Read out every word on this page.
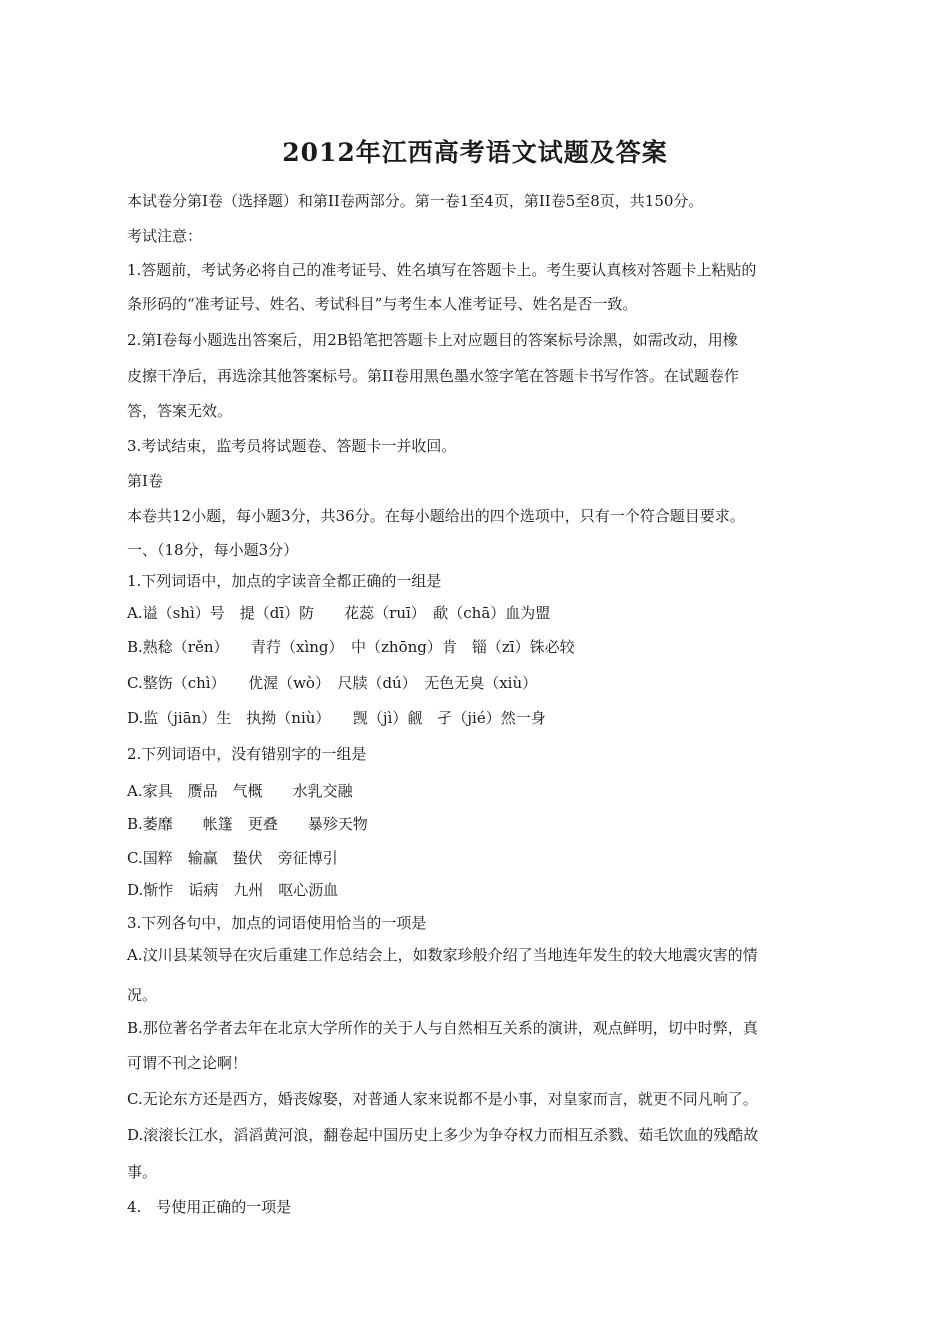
2012年江西高考语文试题及答案
本试卷分第Ⅰ卷（选择题）和第II卷两部分。第一卷1至4页，第II卷5至8页，共150分。
考试注意：
1.答题前，考试务必将自己的准考证号、姓名填写在答题卡上。考生要认真核对答题卡上粘贴的
条形码的“准考证号、姓名、考试科目”与考生本人准考证号、姓名是否一致。
2.第Ⅰ卷每小题选出答案后，用2B铅笔把答题卡上对应题目的答案标号涂黑，如需改动，用橡
皮擦干净后，再选涂其他答案标号。第II卷用黑色墨水签字笔在答题卡书写作答。在试题卷作
答，答案无效。
3.考试结束，监考员将试题卷、答题卡一并收回。
第Ⅰ卷
本卷共12小题，每小题3分，共36分。在每小题给出的四个选项中，只有一个符合题目要求。
一、（18分，每小题3分）
1.下列词语中，加点的字读音全都正确的一组是
A.谥（shì）号　提（dī）防　　花蕊（ruī）　歃（chā）血为盟
B.熟稔（rěn）　　青荇（xìng）　中（zhōng）肯　锱（zī）铢必较
C.整饬（chì）　　优渥（wò）　尺牍（dú）　无色无臭（xiù）
D.监（jiān）生　执拗（niù）　　觊（jì）觎　孑（jié）然一身
2.下列词语中，没有错别字的一组是
A.家具　赝品　气概　　水乳交融
B.萎靡　　帐篷　更叠　　暴殄天物
C.国粹　输赢　蛰伏　旁征博引
D.惭怍　诟病　九州　呕心沥血
3.下列各句中，加点的词语使用恰当的一项是
A.汶川县某领导在灾后重建工作总结会上，如数家珍般介绍了当地连年发生的较大地震灾害的情
况。
B.那位著名学者去年在北京大学所作的关于人与自然相互关系的演讲，观点鲜明，切中时弊，真
可谓不刊之论啊！
C.无论东方还是西方，婚丧嫁娶，对普通人家来说都不是小事，对皇家而言，就更不同凡响了。
D.滚滚长江水，滔滔黄河浪，翻卷起中国历史上多少为争夺权力而相互杀戮、茹毛饮血的残酷故
事。
4.　号使用正确的一项是
